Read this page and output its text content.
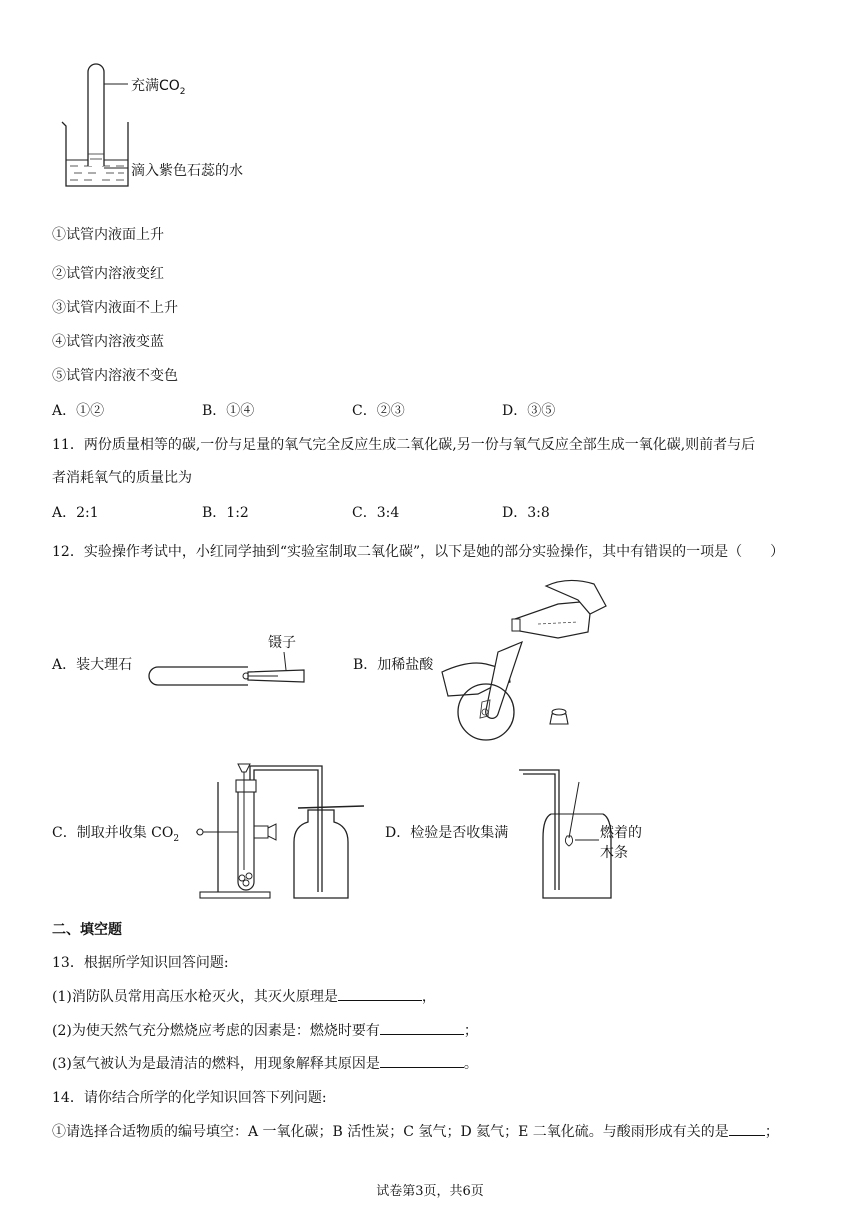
充满$CO_2$
滴入紫色石蕊的水
①试管内液面上升
②试管内溶液变红
③试管内液面不上升
④试管内溶液变蓝
⑤试管内溶液不变色
A．①②	B．①④	C．②③	D．③⑤
11．两份质量相等的碳,一份与足量的氧气完全反应生成二氧化碳,另一份与氧气反应全部生成一氧化碳,则前者与后
者消耗氧气的质量比为
A．2:1	B．1:2	C．3:4	D．3:8
12．实验操作考试中，小红同学抽到“实验室制取二氧化碳”，以下是她的部分实验操作，其中有错误的一项是（　　）
A．装大理石
镊子
B．加稀盐酸
C．制取并收集 $CO_2$	D．检验是否收集满	燃着的
木条
二、填空题
13．根据所学知识回答问题:
(1)消防队员常用高压水枪灭火，其灭火原理是	，
(2)为使天然气充分燃烧应考虑的因素是：燃烧时要有	；
(3)氢气被认为是最清洁的燃料，用现象解释其原因是	。
14．请你结合所学的化学知识回答下列问题:
①请选择合适物质的编号填空：A 一氧化碳；B 活性炭；C 氢气；D 氦气；E 二氧化硫。与酸雨形成有关的是	；
试卷第3页，共6页
